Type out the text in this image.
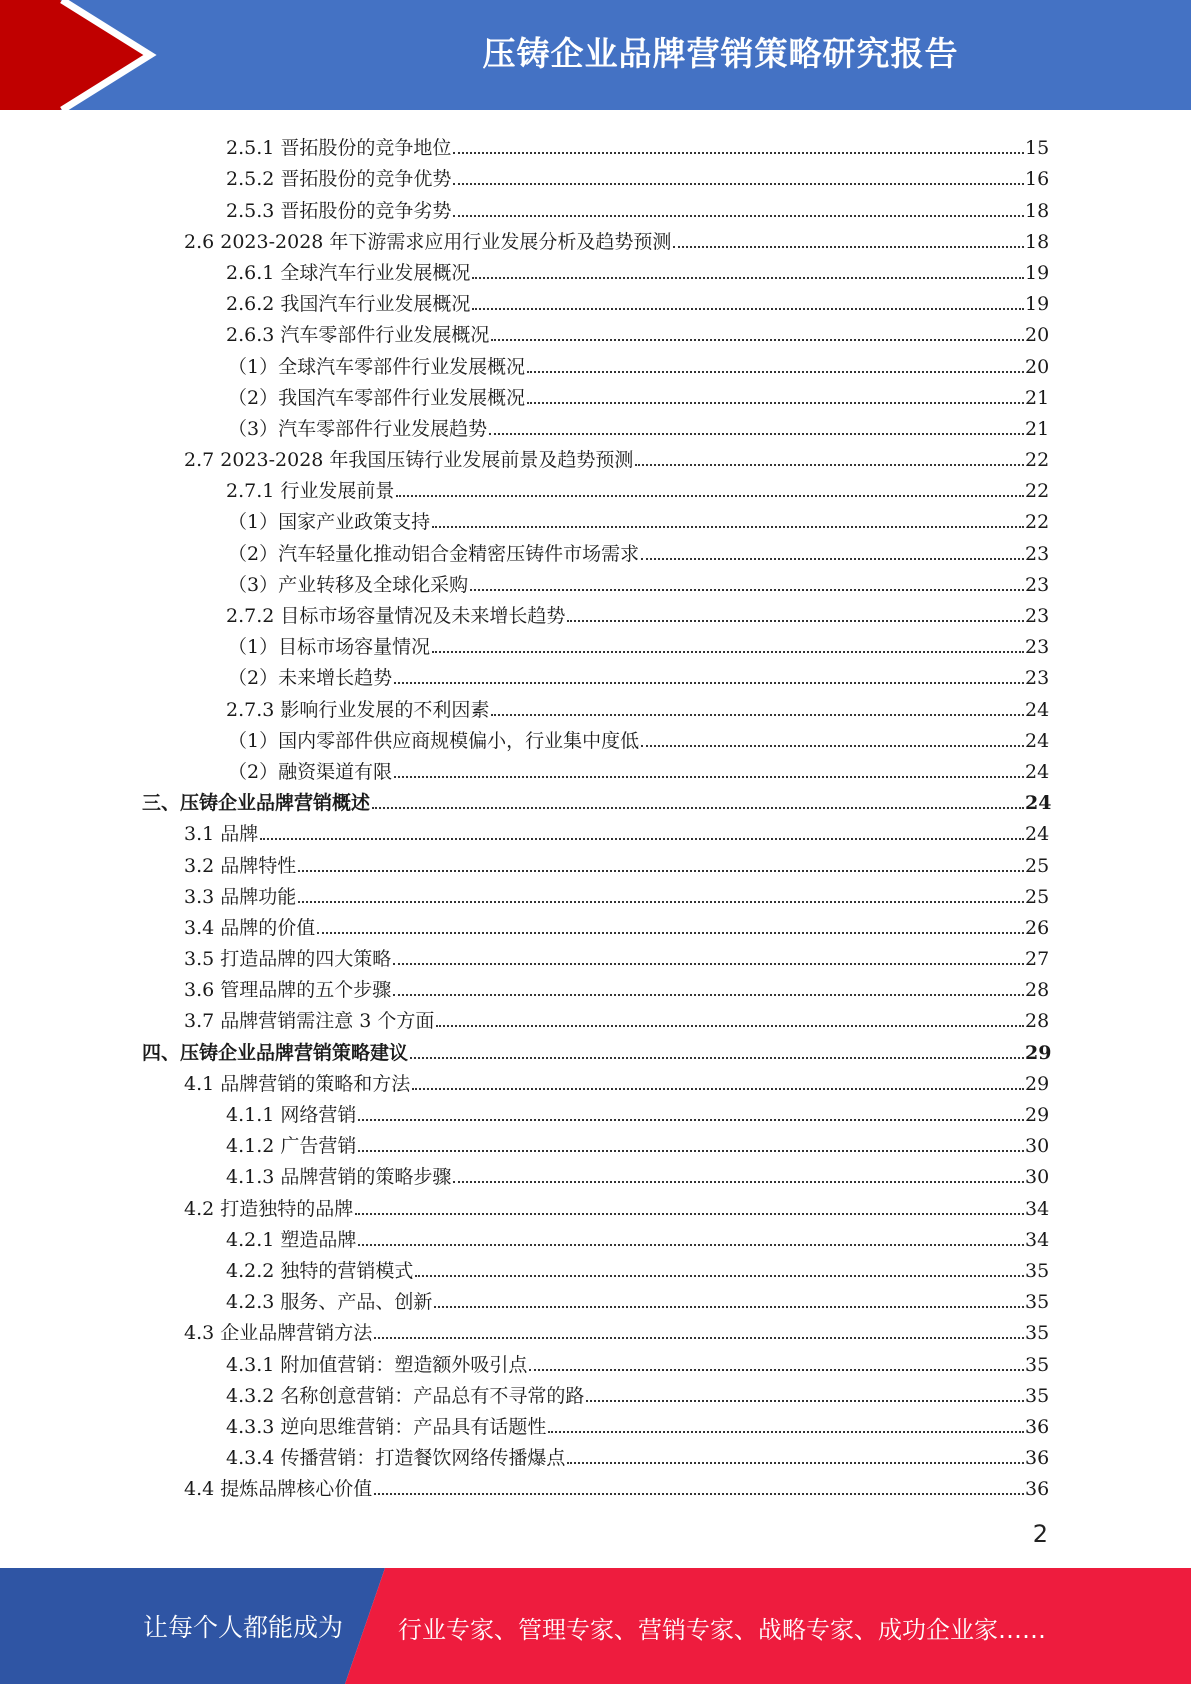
压铸企业品牌营销策略研究报告
2.5.1 晋拓股份的竞争地位	15
2.5.2 晋拓股份的竞争优势	16
2.5.3 晋拓股份的竞争劣势	18
2.6 2023-2028 年下游需求应用行业发展分析及趋势预测	18
2.6.1 全球汽车行业发展概况	19
2.6.2 我国汽车行业发展概况	19
2.6.3 汽车零部件行业发展概况	20
（1）全球汽车零部件行业发展概况	20
（2）我国汽车零部件行业发展概况	21
（3）汽车零部件行业发展趋势	21
2.7 2023-2028 年我国压铸行业发展前景及趋势预测	22
2.7.1 行业发展前景	22
（1）国家产业政策支持	22
（2）汽车轻量化推动铝合金精密压铸件市场需求	23
（3）产业转移及全球化采购	23
2.7.2 目标市场容量情况及未来增长趋势	23
（1）目标市场容量情况	23
（2）未来增长趋势	23
2.7.3 影响行业发展的不利因素	24
（1）国内零部件供应商规模偏小，行业集中度低	24
（2）融资渠道有限	24
三、压铸企业品牌营销概述	24
3.1 品牌	24
3.2 品牌特性	25
3.3 品牌功能	25
3.4 品牌的价值	26
3.5 打造品牌的四大策略	27
3.6 管理品牌的五个步骤	28
3.7 品牌营销需注意 3 个方面	28
四、压铸企业品牌营销策略建议	29
4.1 品牌营销的策略和方法	29
4.1.1 网络营销	29
4.1.2 广告营销	30
4.1.3 品牌营销的策略步骤	30
4.2 打造独特的品牌	34
4.2.1 塑造品牌	34
4.2.2 独特的营销模式	35
4.2.3 服务、产品、创新	35
4.3 企业品牌营销方法	35
4.3.1 附加值营销：塑造额外吸引点	35
4.3.2 名称创意营销：产品总有不寻常的路	35
4.3.3 逆向思维营销：产品具有话题性	36
4.3.4 传播营销：打造餐饮网络传播爆点	36
4.4 提炼品牌核心价值	36
2
让每个人都能成为 行业专家、管理专家、营销专家、战略专家、成功企业家……
